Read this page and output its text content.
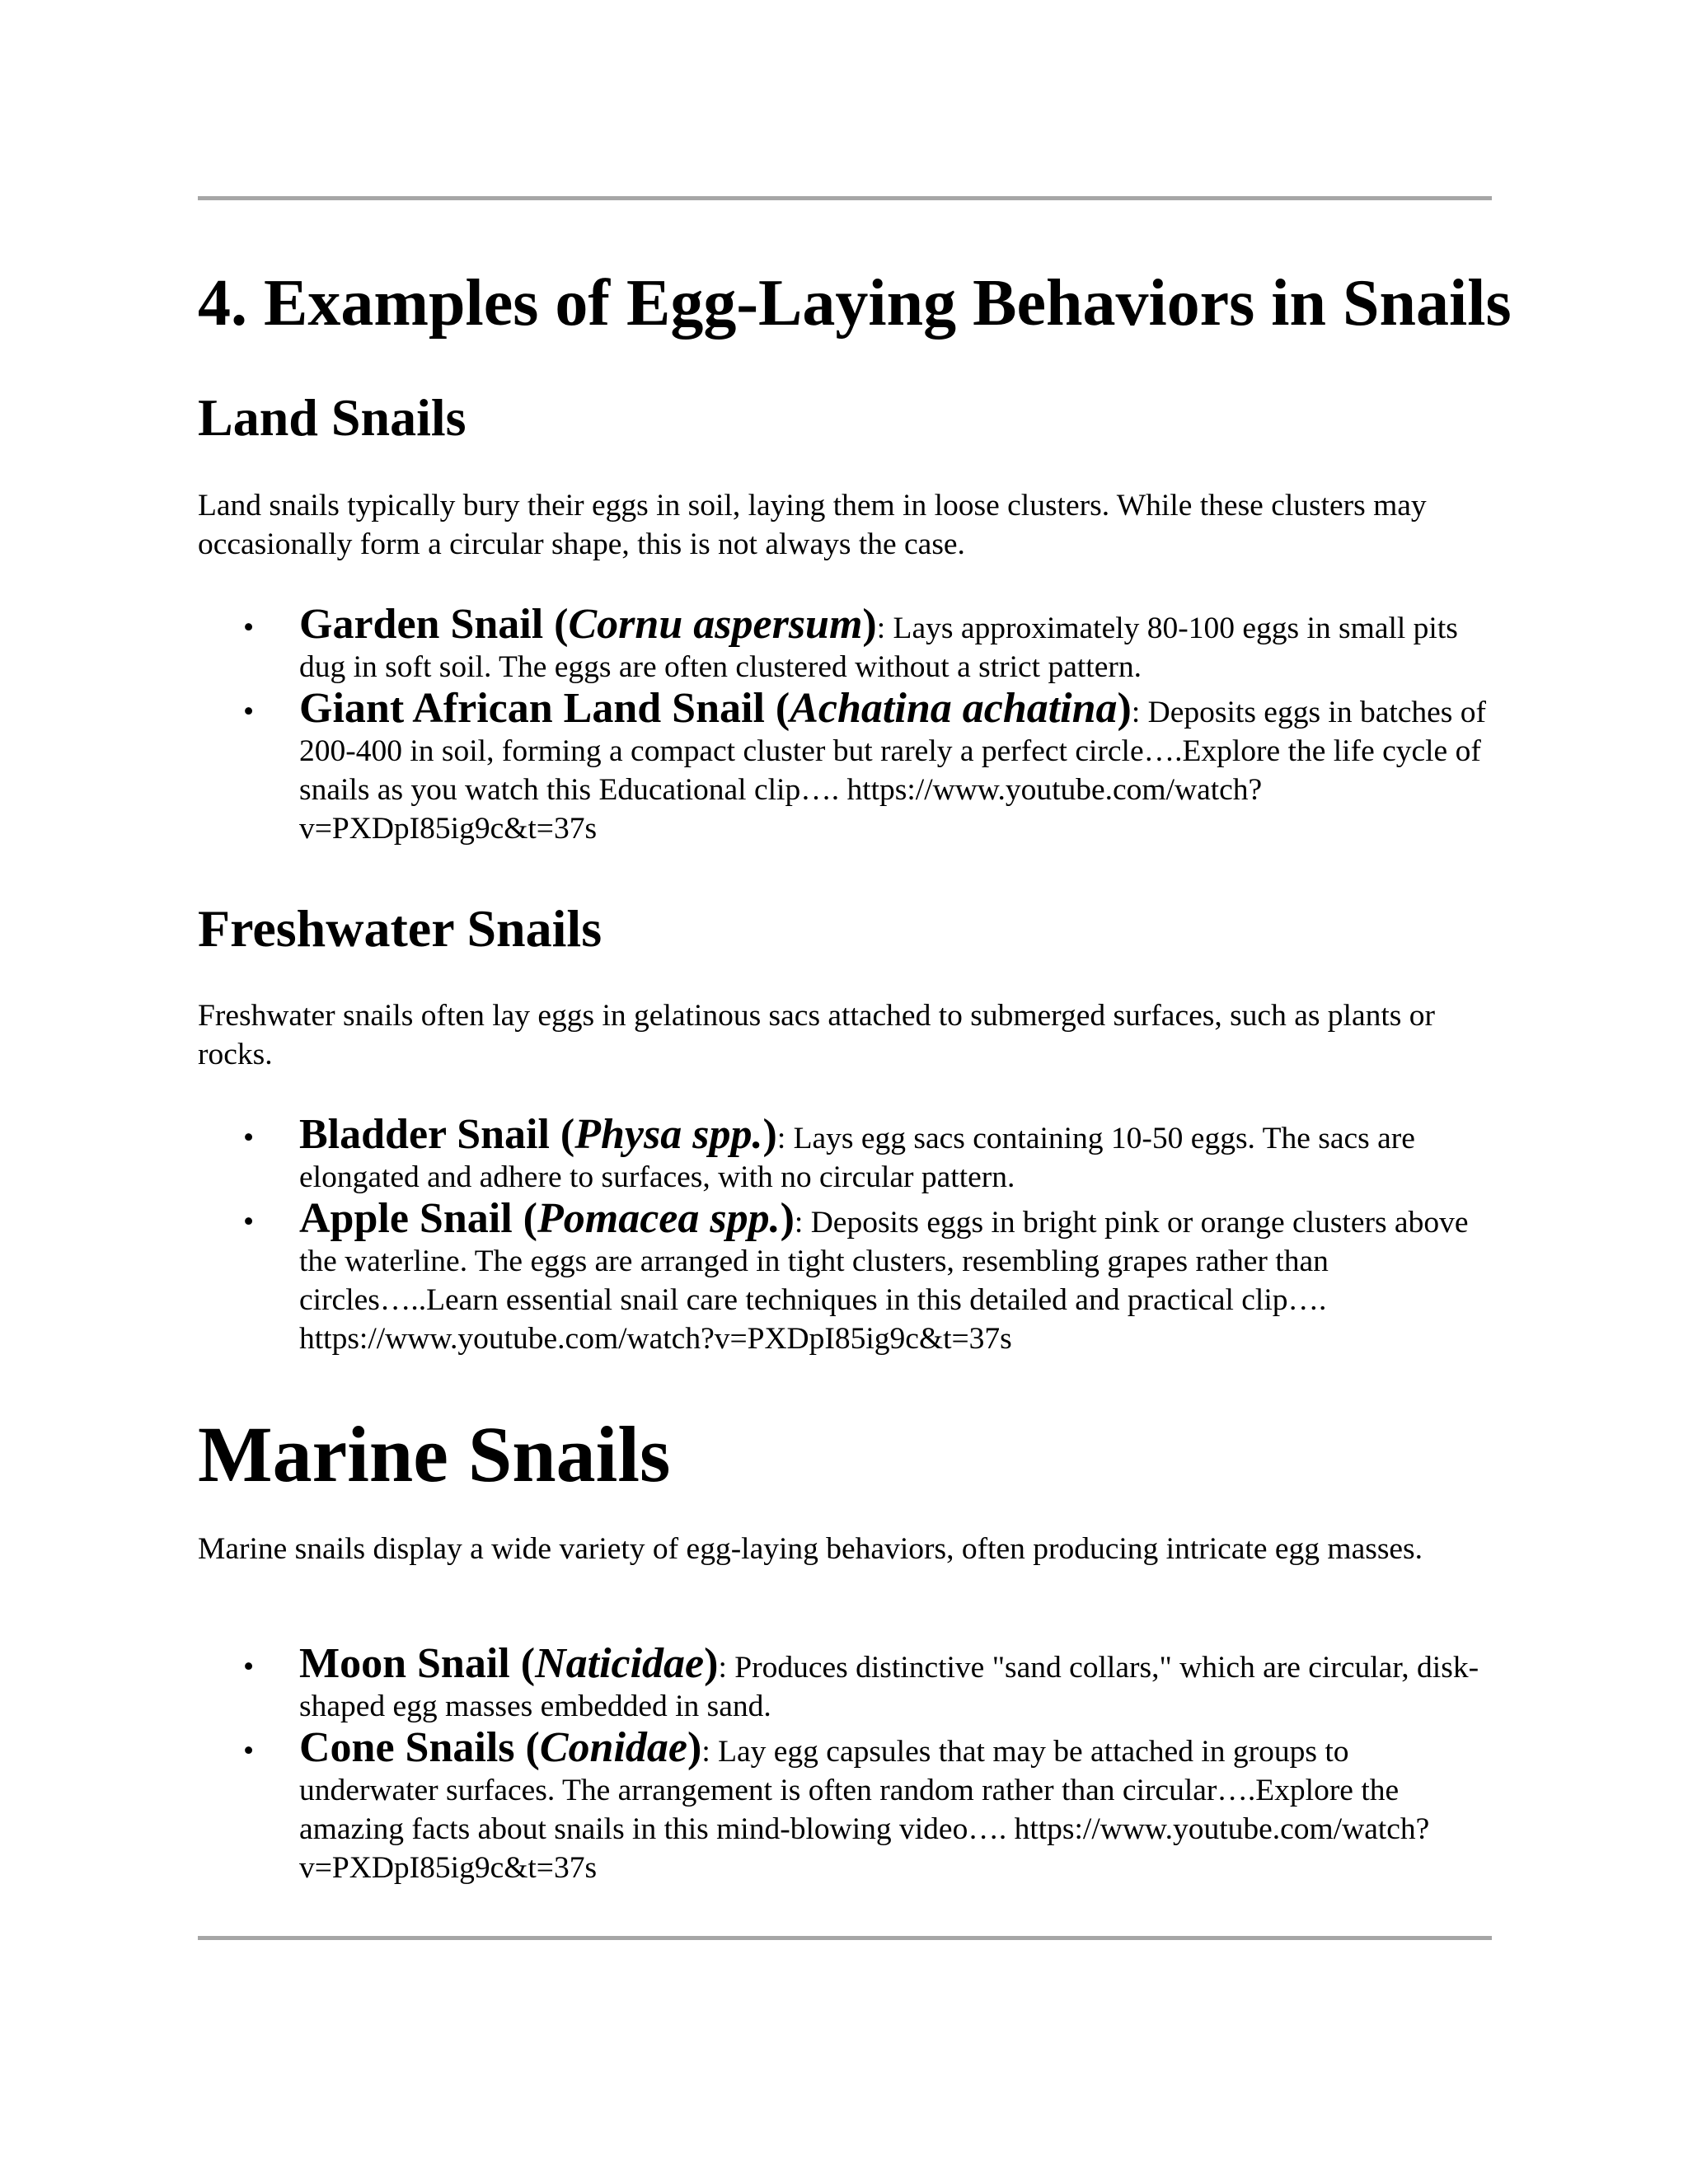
4. Examples of Egg-Laying Behaviors in Snails
Land Snails

Land snails typically bury their eggs in soil, laying them in loose clusters. While these clusters may occasionally form a circular shape, this is not always the case.

• Garden Snail (Cornu aspersum): Lays approximately 80-100 eggs in small pits dug in soft soil. The eggs are often clustered without a strict pattern.
• Giant African Land Snail (Achatina achatina): Deposits eggs in batches of 200-400 in soil, forming a compact cluster but rarely a perfect circle….Explore the life cycle of snails as you watch this Educational clip…. https://www.youtube.com/watch?v=PXDpI85ig9c&t=37s
Freshwater Snails

Freshwater snails often lay eggs in gelatinous sacs attached to submerged surfaces, such as plants or rocks.

• Bladder Snail (Physa spp.): Lays egg sacs containing 10-50 eggs. The sacs are elongated and adhere to surfaces, with no circular pattern.
• Apple Snail (Pomacea spp.): Deposits eggs in bright pink or orange clusters above the waterline. The eggs are arranged in tight clusters, resembling grapes rather than circles…..Learn essential snail care techniques in this detailed and practical clip…. https://www.youtube.com/watch?v=PXDpI85ig9c&t=37s
Marine Snails

Marine snails display a wide variety of egg-laying behaviors, often producing intricate egg masses.

• Moon Snail (Naticidae): Produces distinctive "sand collars," which are circular, disk-shaped egg masses embedded in sand.
• Cone Snails (Conidae): Lay egg capsules that may be attached in groups to underwater surfaces. The arrangement is often random rather than circular….Explore the amazing facts about snails in this mind-blowing video…. https://www.youtube.com/watch?v=PXDpI85ig9c&t=37s
